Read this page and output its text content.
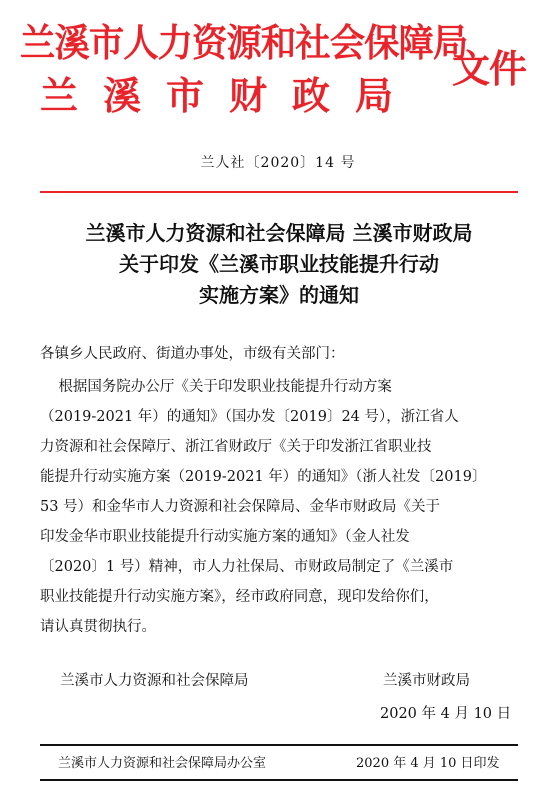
兰溪市人力资源和社会保障局
兰溪市财政局
文件
兰人社〔2020〕14 号
兰溪市人力资源和社会保障局 兰溪市财政局
关于印发《兰溪市职业技能提升行动
实施方案》的通知
各镇乡人民政府、街道办事处，市级有关部门：
根据国务院办公厅《关于印发职业技能提升行动方案
（2019-2021 年）的通知》（国办发〔2019〕24 号），浙江省人
力资源和社会保障厅、浙江省财政厅《关于印发浙江省职业技
能提升行动实施方案（2019-2021 年）的通知》（浙人社发〔2019〕
53 号）和金华市人力资源和社会保障局、金华市财政局《关于
印发金华市职业技能提升行动实施方案的通知》（金人社发
〔2020〕1 号）精神，市人力社保局、市财政局制定了《兰溪市
职业技能提升行动实施方案》，经市政府同意，现印发给你们，
请认真贯彻执行。
兰溪市人力资源和社会保障局	兰溪市财政局
2020 年 4 月 10 日
兰溪市人力资源和社会保障局办公室	2020 年 4 月 10 日印发
